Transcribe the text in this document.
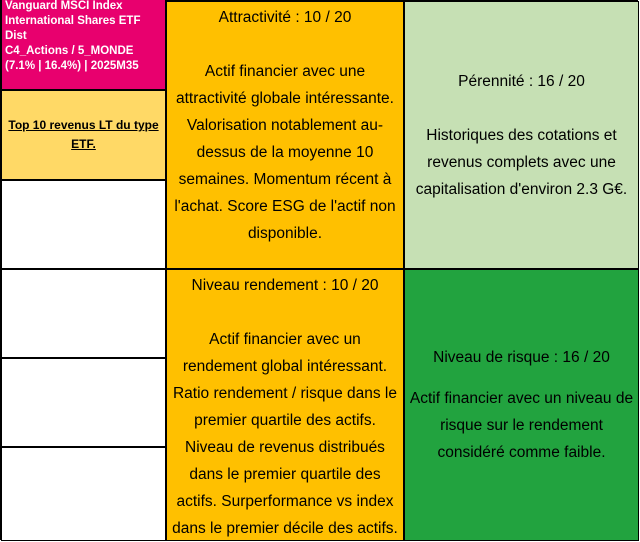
Vanguard MSCI Index
International Shares ETF
Dist
C4_Actions / 5_MONDE
(7.1% | 16.4%) | 2025M35
Top 10 revenus LT du type ETF.
Attractivité : 10 / 20
Actif financier avec une attractivité globale intéressante. Valorisation notablement au-dessus de la moyenne 10 semaines. Momentum récent à l'achat. Score ESG de l'actif non disponible.
Pérennité : 16 / 20
Historiques des cotations et revenus complets avec une capitalisation d'environ 2.3 G€.
Niveau rendement : 10 / 20
Actif financier avec un rendement global intéressant. Ratio rendement / risque dans le premier quartile des actifs. Niveau de revenus distribués dans le premier quartile des actifs. Surperformance vs index dans le premier décile des actifs.
Niveau de risque : 16 / 20
Actif financier avec un niveau de risque sur le rendement considéré comme faible.
